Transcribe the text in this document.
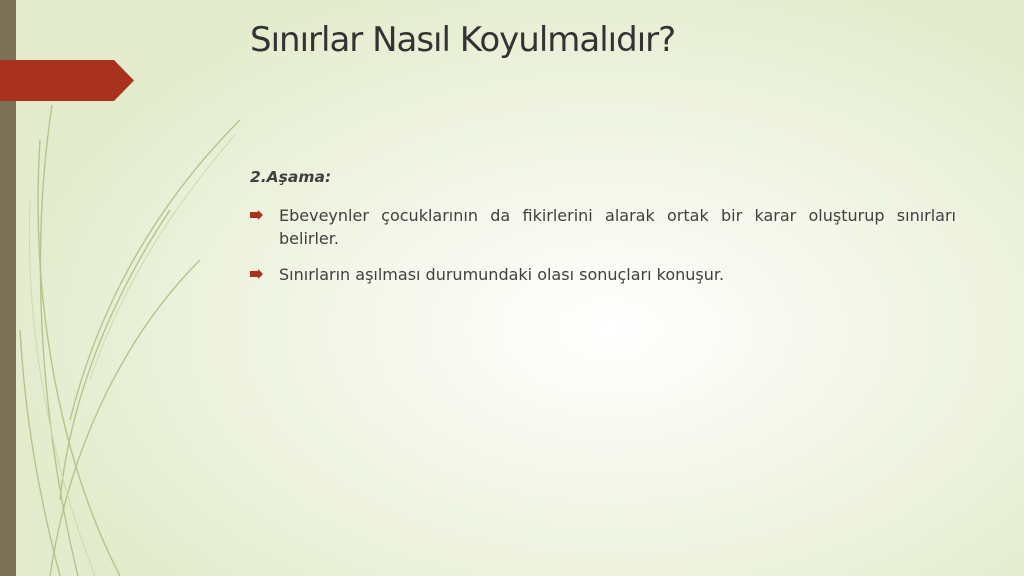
Sınırlar Nasıl Koyulmalıdır?
2.Aşama:
Ebeveynler çocuklarının da fikirlerini alarak ortak bir karar oluşturup sınırları belirler.
Sınırların aşılması durumundaki olası sonuçları konuşur.
